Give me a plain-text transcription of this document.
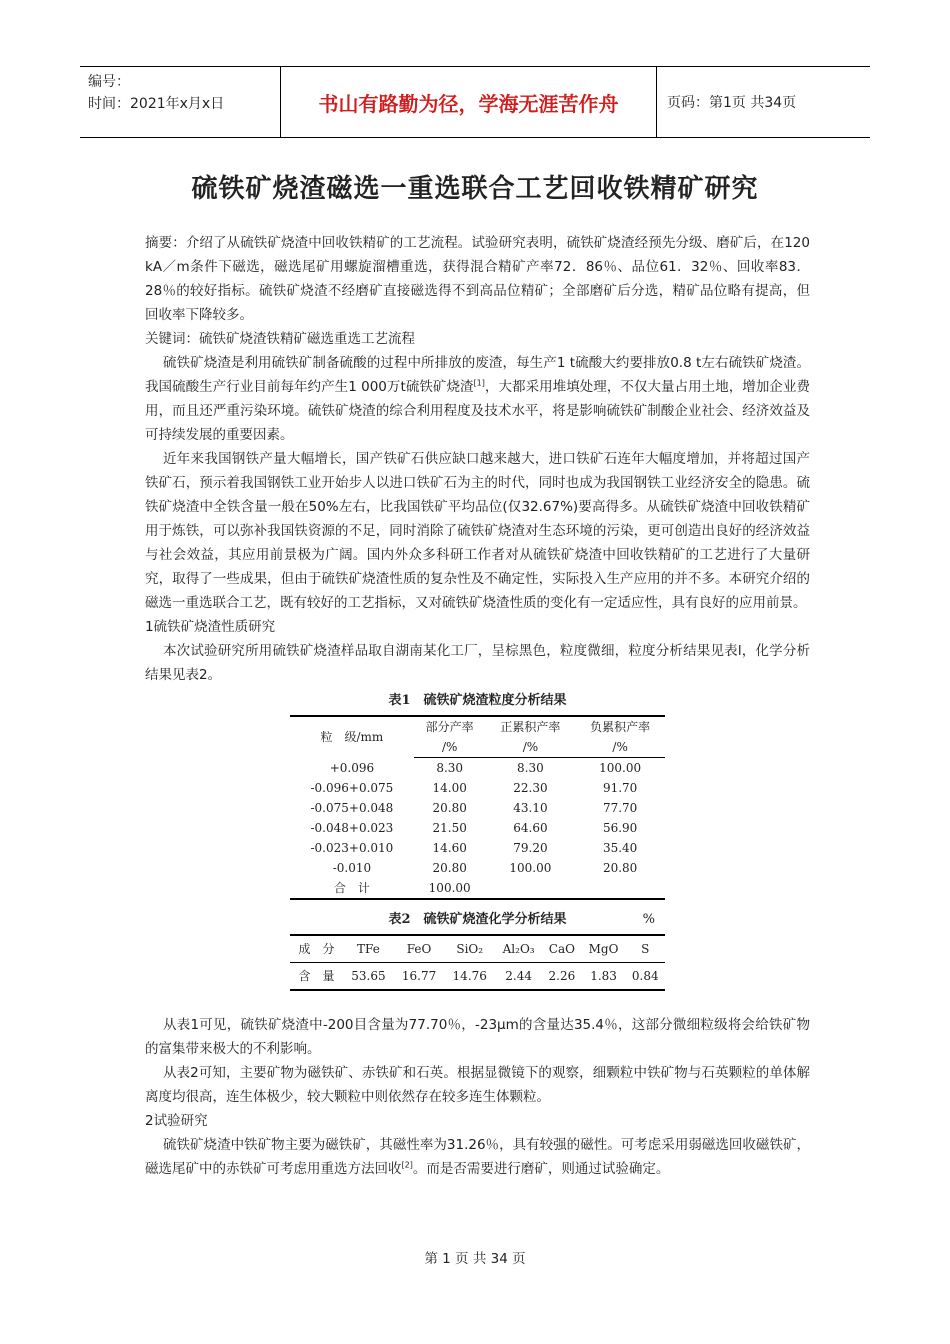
编号：
时间：2021年x月x日	书山有路勤为径，学海无涯苦作舟	页码：第1页 共34页
硫铁矿烧渣磁选一重选联合工艺回收铁精矿研究

摘要：介绍了从硫铁矿烧渣中回收铁精矿的工艺流程。试验研究表明，硫铁矿烧渣经预先分级、磨矿后，在120 kA／m条件下磁选，磁选尾矿用螺旋溜槽重选，获得混合精矿产率72．86％、品位61．32％、回收率83．28％的较好指标。硫铁矿烧渣不经磨矿直接磁选得不到高品位精矿；全部磨矿后分选，精矿品位略有提高，但回收率下降较多。

关键词：硫铁矿烧渣铁精矿磁选重选工艺流程

硫铁矿烧渣是利用硫铁矿制备硫酸的过程中所排放的废渣，每生产1 t硫酸大约要排放0.8 t左右硫铁矿烧渣。我国硫酸生产行业目前每年约产生1 000万t硫铁矿烧渣[1]，大都采用堆填处理，不仅大量占用土地，增加企业费用，而且还严重污染环境。硫铁矿烧渣的综合利用程度及技术水平，将是影响硫铁矿制酸企业社会、经济效益及可持续发展的重要因素。

近年来我国钢铁产量大幅增长，国产铁矿石供应缺口越来越大，进口铁矿石连年大幅度增加，并将超过国产铁矿石，预示着我国钢铁工业开始步人以进口铁矿石为主的时代，同时也成为我国钢铁工业经济安全的隐患。硫铁矿烧渣中全铁含量一般在50%左右，比我国铁矿平均品位(仅32.67%)要高得多。从硫铁矿烧渣中回收铁精矿用于炼铁，可以弥补我国铁资源的不足，同时消除了硫铁矿烧渣对生态环境的污染，更可创造出良好的经济效益与社会效益，其应用前景极为广阔。国内外众多科研工作者对从硫铁矿烧渣中回收铁精矿的工艺进行了大量研究，取得了一些成果，但由于硫铁矿烧渣性质的复杂性及不确定性，实际投入生产应用的并不多。本研究介绍的磁选一重选联合工艺，既有较好的工艺指标，又对硫铁矿烧渣性质的变化有一定适应性，具有良好的应用前景。

1硫铁矿烧渣性质研究

本次试验研究所用硫铁矿烧渣样品取自湖南某化工厂，呈棕黑色，粒度微细，粒度分析结果见表l，化学分析结果见表2。

表1　硫铁矿烧渣粒度分析结果
粒　级/mm	部分产率	正累积产率	负累积产率
	/%	/%	/%
+0.096	8.30	8.30	100.00
-0.096+0.075	14.00	22.30	91.70
-0.075+0.048	20.80	43.10	77.70
-0.048+0.023	21.50	64.60	56.90
-0.023+0.010	14.60	79.20	35.40
-0.010	20.80	100.00	20.80
合　计	100.00		
表2　硫铁矿烧渣化学分析结果	%
成　分	TFe	FeO	SiO₂	Al₂O₃	CaO	MgO	S
含　量	53.65	16.77	14.76	2.44	2.26	1.83	0.84

从表1可见，硫铁矿烧渣中-200目含量为77.70％，-23μm的含量达35.4％，这部分微细粒级将会给铁矿物的富集带来极大的不利影响。

从表2可知，主要矿物为磁铁矿、赤铁矿和石英。根据显微镜下的观察，细颗粒中铁矿物与石英颗粒的单体解离度均很高，连生体极少，较大颗粒中则依然存在较多连生体颗粒。

2试验研究

硫铁矿烧渣中铁矿物主要为磁铁矿，其磁性率为31.26％，具有较强的磁性。可考虑采用弱磁选回收磁铁矿，磁选尾矿中的赤铁矿可考虑用重选方法回收[2]。而是否需要进行磨矿，则通过试验确定。

第 1 页 共 34 页
